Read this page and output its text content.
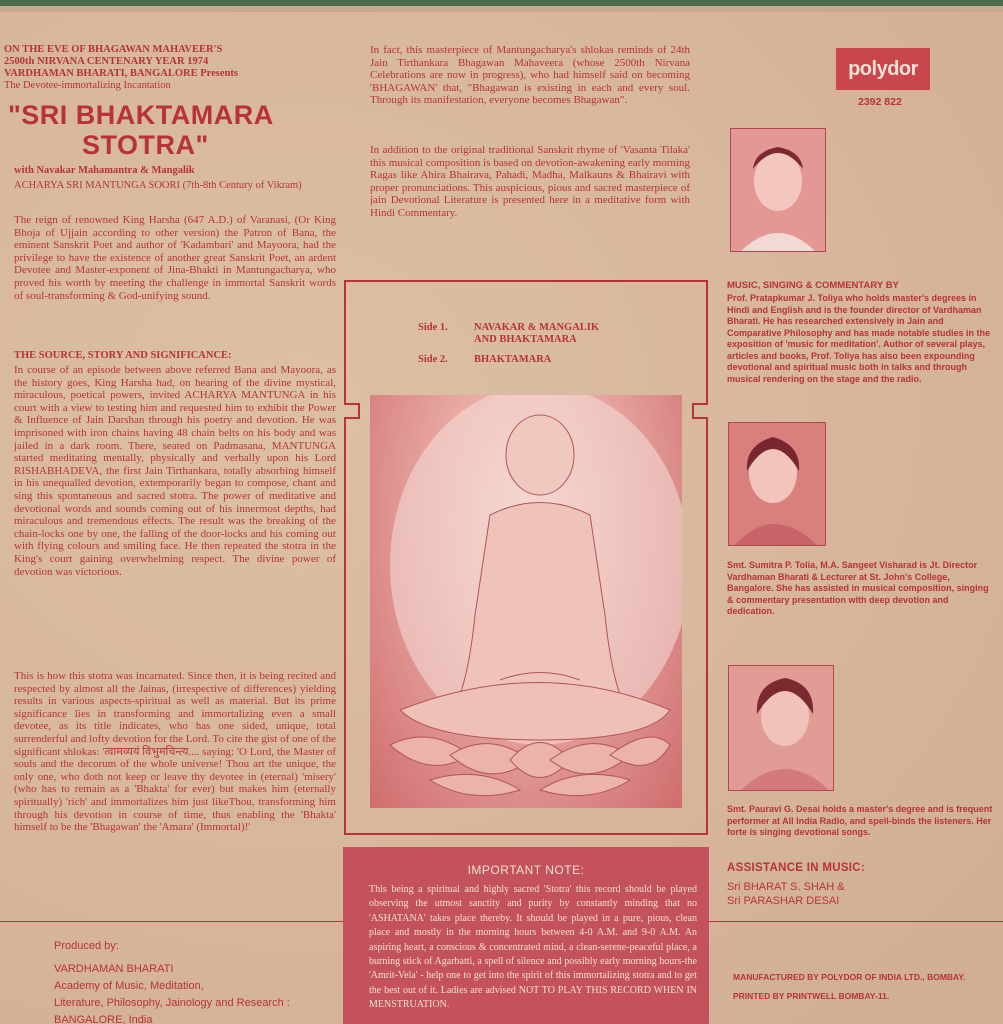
ON THE EVE OF BHAGAWAN MAHAVEER'S

2500th NIRVANA CENTENARY YEAR 1974

VARDHAMAN BHARATI, BANGALORE Presents

The Devotee-immortalizing Incantation

"SRI BHAKTAMARA

STOTRA"

with Navakar Mahamantra & Mangalik
ACHARYA SRI MANTUNGA SOORI (7th-8th Century of Vikram)
The reign of renowned King Harsha (647 A.D.) of Varanasi, (Or King Bhoja of Ujjain according to other version) the Patron of Bana, the eminent Sanskrit Poet and author of 'Kadambari' and Mayoora, had the privilege to have the existence of another great Sanskrit Poet, an ardent Devotee and Master-exponent of Jina-Bhakti in Mantungacharya, who proved his worth by meeting the challenge in immortal Sanskrit words of soul-transforming & God-unifying sound.
THE SOURCE, STORY AND SIGNIFICANCE:
In course of an episode between above referred Bana and Mayoora, as the history goes, King Harsha had, on hearing of the divine mystical, miraculous, poetical powers, invited ACHARYA MANTUNGA in his court with a view to testing him and requested him to exhibit the Power & Influence of Jain Darshan through his poetry and devotion. He was imprisoned with iron chains having 48 chain belts on his body and was jailed in a dark room. There, seated on Padmasana, MANTUNGA started meditating mentally, physically and verbally upon his Lord RISHABHADEVA, the first Jain Tirthankara, totally absorbing himself in his unequalled devotion, extemporarily began to compose, chant and sing this spontaneous and sacred stotra. The power of meditative and devotional words and sounds coming out of his innermost depths, had miraculous and tremendous effects. The result was the breaking of the chain-locks one by one, the falling of the door-locks and his coming out with flying colours and smiling face. He then repeated the stotra in the King's court gaining overwhelming respect. The divine power of devotion was victorious.
This is how this stotra was incarnated. Since then, it is being recited and respected by almost all the Jainas, (irrespective of differences) yielding results in various aspects-spiritual as well as material. But its prime significance lies in transforming and immortalizing even a small devotee, as its title indicates, who has one sided, unique, total surrenderful and lofty devotion for the Lord. To cite the gist of one of the significant shlokas: 'त्वामव्ययं विभुमचिन्त्य.... saying: 'O Lord, the Master of souls and the decorum of the whole universe! Thou art the unique, the only one, who doth not keep or leave thy devotee in (eternal) 'misery' (who has to remain as a 'Bhakta' for ever) but makes him (eternally spiritually) 'rich' and immortalizes him just likeThou, transforming him through his devotion in course of time, thus enabling the 'Bhakta' himself to be the 'Bhagawan' the 'Amara' (Immortal)!'
In fact, this masterpiece of Mantungacharya's shlokas reminds of 24th Jain Tirthankara Bhagawan Mahaveera (whose 2500th Nirvana Celebrations are now in progress), who had himself said on becoming 'BHAGAWAN' that, "Bhagawan is existing in each and every soul. Through its manifestation, everyone becomes Bhagawan".
In addition to the original traditional Sanskrit rhyme of 'Vasanta Tilaka' this musical composition is based on devotion-awakening early morning Ragas like Ahira Bhairava, Pahadi, Madha, Malkauns & Bhairavi with proper pronunciations. This auspicious, pious and sacred masterpiece of jain Devotional Literature is presented here in a meditative form with Hindi Commentary.
Side 1.	NAVAKAR & MANGALIK
AND BHAKTAMARA
Side 2.	BHAKTAMARA
IMPORTANT NOTE:
This being a spiritual and highly sacred 'Stotra' this record should be played observing the utmost sanctity and purity by constantly minding that no 'ASHATANA' takes place thereby. It should be played in a pure, pious, clean place and mostly in the morning hours between 4-0 A.M. and 9-0 A.M. An aspiring heart, a conscious & concentrated mind, a clean-serene-peaceful place, a burning stick of Agarbatti, a spell of silence and possibly early morning hours-the 'Amrit-Vela' - help one to get into the spirit of this immortalizing stotra and to get the best out of it. Ladies are advised NOT TO PLAY THIS RECORD WHEN IN MENSTRUATION.
polydor
2392 822
MUSIC, SINGING & COMMENTARY BY
Prof. Pratapkumar J. Toliya who holds master's degrees in Hindi and English and is the founder director of Vardhaman Bharati. He has researched extensively in Jain and Comparative Philosophy and has made notable studies in the exposition of 'music for meditation'. Author of several plays, articles and books, Prof. Toliya has also been expounding devotional and spiritual music both in talks and through musical rendering on the stage and the radio.
Smt. Sumitra P. Tolia, M.A. Sangeet Visharad is Jt. Director Vardhaman Bharati & Lecturer at St. John's College, Bangalore. She has assisted in musical composition, singing & commentary presentation with deep devotion and dedication.
Smt. Pauravi G. Desai holds a master's degree and is frequent performer at All India Radio, and spell-binds the listeners. Her forte is singing devotional songs.
ASSISTANCE IN MUSIC:

Sri BHARAT S. SHAH &

Sri PARASHAR DESAI

Produced by:

VARDHAMAN BHARATI

Academy of Music, Meditation,

Literature, Philosophy, Jainology and Research :

BANGALORE, India

MANUFACTURED BY POLYDOR OF INDIA LTD., BOMBAY.

PRINTED BY PRINTWELL BOMBAY-11.
